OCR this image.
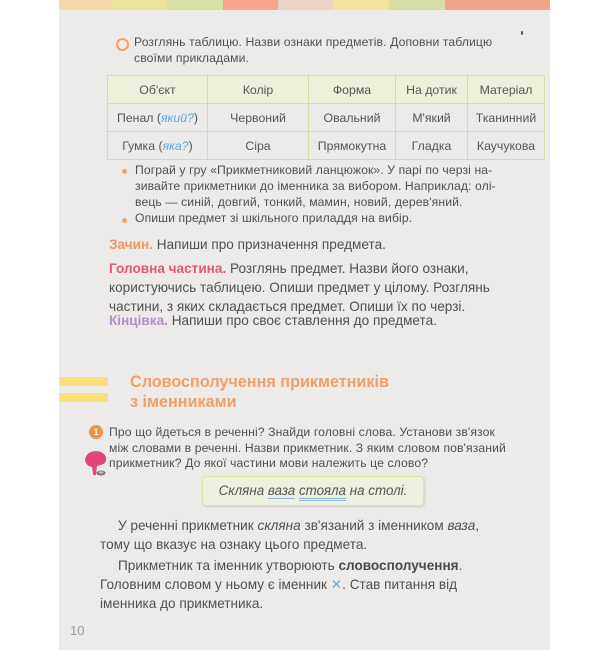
Розглянь таблицю. Назви ознаки предметів. Доповни таблицю
своїми прикладами.
Об'єкт	Колір	Форма	На дотик	Матеріал
Пенал (який?)	Червоний	Овальний	М'який	Тканинний
Гумка (яка?)	Сіра	Прямокутна	Гладка	Каучукова
Пограй у гру «Прикметниковий ланцюжок». У парі по черзі на-
зивайте прикметники до іменника за вибором. Наприклад: олі-
вець — синій, довгий, тонкий, мамин, новий, дерев'яний.
Опиши предмет зі шкільного приладдя на вибір.
Зачин. Напиши про призначення предмета.
Головна частина. Розглянь предмет. Назви його ознаки,
користуючись таблицею. Опиши предмет у цілому. Розглянь
частини, з яких складається предмет. Опиши їх по черзі.
Кінцівка. Напиши про своє ставлення до предмета.
Словосполучення прикметників
з іменниками
1 Про що йдеться в реченні? Знайди головні слова. Установи зв'язок
між словами в реченні. Назви прикметник. З яким словом пов'язаний
прикметник? До якої частини мови належить це слово?
Скляна ваза стояла на столі.
У реченні прикметник скляна зв'язаний з іменником ваза,
тому що вказує на ознаку цього предмета.
Прикметник та іменник утворюють словосполучення.
Головним словом у ньому є іменник ✕. Став питання від
іменника до прикметника.
10
